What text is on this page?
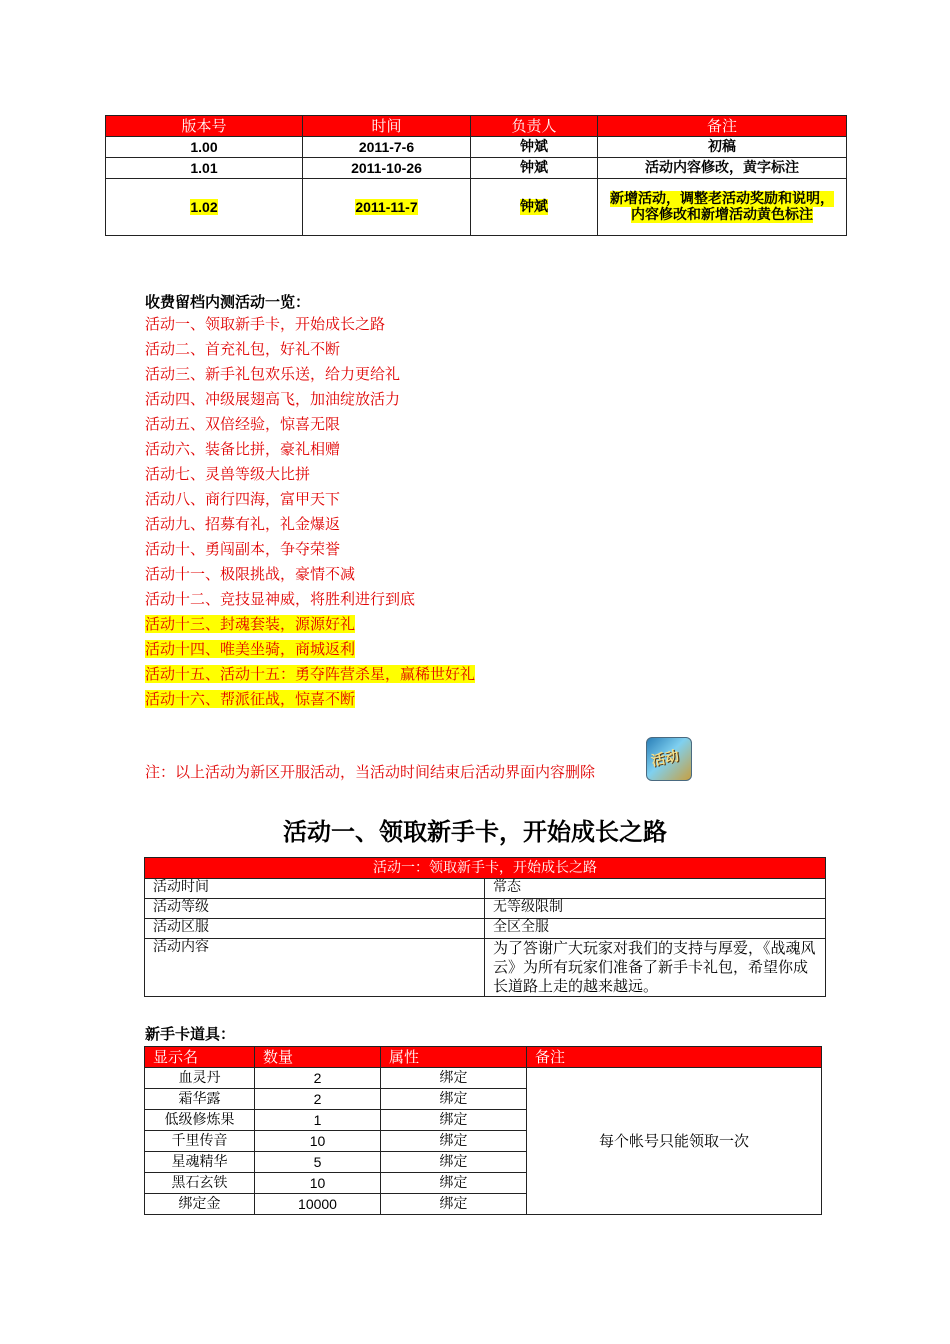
版本号	时间	负责人	备注
1.00	2011-7-6	钟斌	初稿
1.01	2011-10-26	钟斌	活动内容修改，黄字标注
1.02	2011-11-7	钟斌	新增活动，调整老活动奖励和说明，内容修改和新增活动黄色标注
收费留档内测活动一览：
活动一、领取新手卡，开始成长之路
活动二、首充礼包，好礼不断
活动三、新手礼包欢乐送，给力更给礼
活动四、冲级展翅高飞，加油绽放活力
活动五、双倍经验，惊喜无限
活动六、装备比拼，豪礼相赠
活动七、灵兽等级大比拼
活动八、商行四海，富甲天下
活动九、招募有礼，礼金爆返
活动十、勇闯副本，争夺荣誉
活动十一、极限挑战，豪情不减
活动十二、竞技显神威，将胜利进行到底
活动十三、封魂套装，源源好礼
活动十四、唯美坐骑，商城返利
活动十五、活动十五：勇夺阵营杀星，赢稀世好礼
活动十六、帮派征战，惊喜不断
注：以上活动为新区开服活动，当活动时间结束后活动界面内容删除
活动
活动一、领取新手卡，开始成长之路
活动一：领取新手卡，开始成长之路	
活动时间	常态
活动等级	无等级限制
活动区服	全区全服
活动内容	为了答谢广大玩家对我们的支持与厚爱，《战魂风云》为所有玩家们准备了新手卡礼包，希望你成长道路上走的越来越远。
新手卡道具：
显示名	数量	属性	备注
血灵丹	2	绑定	每个帐号只能领取一次
霜华露	2	绑定	
低级修炼果	1	绑定	
千里传音	10	绑定	
星魂精华	5	绑定	
黑石玄铁	10	绑定	
绑定金	10000	绑定	
